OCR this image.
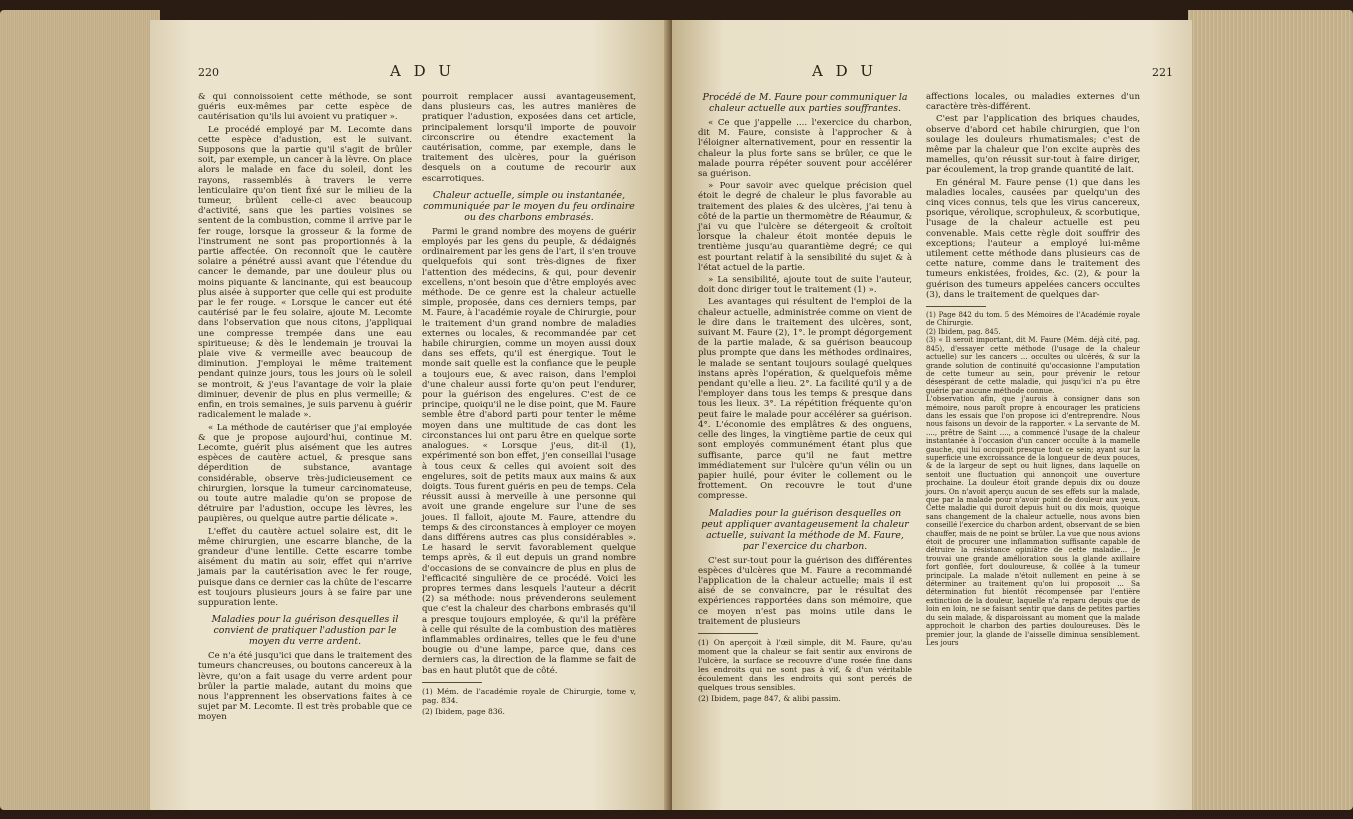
220	A D U

& qui connoissoient cette méthode, se sont guéris eux-mêmes par cette espèce de cautérisation qu'ils lui avoient vu pratiquer ».

Le procédé employé par M. Lecomte dans cette espèce d'adustion, est le suivant. Supposons que la partie qu'il s'agit de brûler soit, par exemple, un cancer à la lèvre. On place alors le malade en face du soleil, dont les rayons, rassemblés à travers le verre lenticulaire qu'on tient fixé sur le milieu de la tumeur, brûlent celle-ci avec beaucoup d'activité, sans que les parties voisines se sentent de la combustion, comme il arrive par le fer rouge, lorsque la grosseur & la forme de l'instrument ne sont pas proportionnés à la partie affectée. On reconnoît que le cautère solaire a pénétré aussi avant que l'étendue du cancer le demande, par une douleur plus ou moins piquante & lancinante, qui est beaucoup plus aisée à supporter que celle qui est produite par le fer rouge. « Lorsque le cancer eut été cautérisé par le feu solaire, ajoute M. Lecomte dans l'observation que nous citons, j'appliquai une compresse trempée dans une eau spiritueuse; & dès le lendemain je trouvai la plaie vive & vermeille avec beaucoup de diminution. J'employai le même traitement pendant quinze jours, tous les jours où le soleil se montroit, & j'eus l'avantage de voir la plaie diminuer, devenir de plus en plus vermeille; & enfin, en trois semaines, je suis parvenu à guérir radicalement le malade ».

« La méthode de cautériser que j'ai employée & que je propose aujourd'hui, continue M. Lecomte, guérit plus aisément que les autres espèces de cautère actuel, & presque sans déperdition de substance, avantage considérable, observe très-judicieusement ce chirurgien, lorsque la tumeur carcinomateuse, ou toute autre maladie qu'on se propose de détruire par l'adustion, occupe les lèvres, les paupières, ou quelque autre partie délicate ».

L'effet du cautère actuel solaire est, dit le même chirurgien, une escarre blanche, de la grandeur d'une lentille. Cette escarre tombe aisément du matin au soir, effet qui n'arrive jamais par la cautérisation avec le fer rouge, puisque dans ce dernier cas la chûte de l'escarre est toujours plusieurs jours à se faire par une suppuration lente.

Maladies pour la guérison desquelles il convient de pratiquer l'adustion par le moyen du verre ardent.

Ce n'a été jusqu'ici que dans le traitement des tumeurs chancreuses, ou boutons cancereux à la lèvre, qu'on a fait usage du verre ardent pour brûler la partie malade, autant du moins que nous l'apprennent les observations faites à ce sujet par M. Lecomte. Il est très probable que ce moyen

pourroit remplacer aussi avantageusement, dans plusieurs cas, les autres manières de pratiquer l'adustion, exposées dans cet article, principalement lorsqu'il importe de pouvoir circonscrire ou étendre exactement la cautérisation, comme, par exemple, dans le traitement des ulcères, pour la guérison desquels on a coutume de recourir aux escarrotiques.

Chaleur actuelle, simple ou instantanée, communiquée par le moyen du feu ordinaire ou des charbons embrasés.

Parmi le grand nombre des moyens de guérir employés par les gens du peuple, & dédaignés ordinairement par les gens de l'art, il s'en trouve quelquefois qui sont très-dignes de fixer l'attention des médecins, & qui, pour devenir excellens, n'ont besoin que d'être employés avec méthode. De ce genre est la chaleur actuelle simple, proposée, dans ces derniers temps, par M. Faure, à l'académie royale de Chirurgie, pour le traitement d'un grand nombre de maladies externes ou locales, & recommandée par cet habile chirurgien, comme un moyen aussi doux dans ses effets, qu'il est énergique. Tout le monde sait quelle est la confiance que le peuple a toujours eue, & avec raison, dans l'emploi d'une chaleur aussi forte qu'on peut l'endurer, pour la guérison des engelures. C'est de ce principe, quoiqu'il ne le dise point, que M. Faure semble être d'abord parti pour tenter le même moyen dans une multitude de cas dont les circonstances lui ont paru être en quelque sorte analogues. « Lorsque j'eus, dit-il (1), expérimenté son bon effet, j'en conseillai l'usage à tous ceux & celles qui avoient soit des engelures, soit de petits maux aux mains & aux doigts. Tous furent guéris en peu de temps. Cela réussit aussi à merveille à une personne qui avoit une grande engelure sur l'une de ses joues. Il falloit, ajoute M. Faure, attendre du temps & des circonstances à employer ce moyen dans différens autres cas plus considérables ». Le hasard le servit favorablement quelque temps après, & il eut depuis un grand nombre d'occasions de se convaincre de plus en plus de l'efficacité singulière de ce procédé. Voici les propres termes dans lesquels l'auteur a décrit (2) sa méthode: nous prévenderons seulement que c'est la chaleur des charbons embrasés qu'il a presque toujours employée, & qu'il la préfère à celle qui résulte de la combustion des matières inflammables ordinaires, telles que le feu d'une bougie ou d'une lampe, parce que, dans ces derniers cas, la direction de la flamme se fait de bas en haut plutôt que de côté.

(1) Mém. de l'académie royale de Chirurgie, tome v, pag. 834.
(2) Ibidem, page 836.
A D U	221
Procédé de M. Faure pour communiquer la chaleur actuelle aux parties souffrantes.

« Ce que j'appelle .... l'exercice du charbon, dit M. Faure, consiste à l'approcher & à l'éloigner alternativement, pour en ressentir la chaleur la plus forte sans se brûler, ce que le malade pourra répéter souvent pour accélérer sa guérison.

» Pour savoir avec quelque précision quel étoit le degré de chaleur le plus favorable au traitement des plaies & des ulcères, j'ai tenu à côté de la partie un thermomètre de Réaumur, & j'ai vu que l'ulcère se détergeoit & croîtoit lorsque la chaleur étoit montée depuis le trentième jusqu'au quarantième degré; ce qui est pourtant relatif à la sensibilité du sujet & à l'état actuel de la partie.

» La sensibilité, ajoute tout de suite l'auteur, doit donc diriger tout le traitement (1) ».

Les avantages qui résultent de l'emploi de la chaleur actuelle, administrée comme on vient de le dire dans le traitement des ulcères, sont, suivant M. Faure (2), 1°. le prompt dégorgement de la partie malade, & sa guérison beaucoup plus prompte que dans les méthodes ordinaires, le malade se sentant toujours soulagé quelques instans après l'opération, & quelquefois même pendant qu'elle a lieu. 2°. La facilité qu'il y a de l'employer dans tous les temps & presque dans tous les lieux. 3°. La répétition fréquente qu'on peut faire le malade pour accélérer sa guérison. 4°. L'économie des emplâtres & des onguens, celle des linges, la vingtième partie de ceux qui sont employés communément étant plus que suffisante, parce qu'il ne faut mettre immédiatement sur l'ulcère qu'un vélin ou un papier huilé, pour éviter le collement ou le frottement. On recouvre le tout d'une compresse.

Maladies pour la guérison desquelles on peut appliquer avantageusement la chaleur actuelle, suivant la méthode de M. Faure, par l'exercice du charbon.

C'est sur-tout pour la guérison des différentes espèces d'ulcères que M. Faure a recommandé l'application de la chaleur actuelle; mais il est aisé de se convaincre, par le résultat des expériences rapportées dans son mémoire, que ce moyen n'est pas moins utile dans le traitement de plusieurs

(1) On aperçoit à l'œil simple, dit M. Faure, qu'au moment que la chaleur se fait sentir aux environs de l'ulcère, la surface se recouvre d'une rosée fine dans les endroits qui ne sont pas à vif, & d'un véritable écoulement dans les endroits qui sont percés de quelques trous sensibles.
(2) Ibidem, page 847, & alibi passim.

affections locales, ou maladies externes d'un caractère très-différent.

C'est par l'application des briques chaudes, observe d'abord cet habile chirurgien, que l'on soulage les douleurs rhumatismales; c'est de même par la chaleur que l'on excite auprès des mamelles, qu'on réussit sur-tout à faire diriger, par écoulement, la trop grande quantité de lait.

En général M. Faure pense (1) que dans les maladies locales, causées par quelqu'un des cinq vices connus, tels que les virus cancereux, psorique, vérolique, scrophuleux, & scorbutique, l'usage de la chaleur actuelle est peu convenable. Mais cette règle doit souffrir des exceptions; l'auteur a employé lui-même utilement cette méthode dans plusieurs cas de cette nature, comme dans le traitement des tumeurs enkistées, froides, &c. (2), & pour la guérison des tumeurs appelées cancers occultes (3), dans le traitement de quelques dar-

(1) Page 842 du tom. 5 des Mémoires de l'Académie royale de Chirurgie.
(2) Ibidem, pag. 845.
(3) « Il seroit important, dit M. Faure (Mém. déjà cité, pag. 845), d'essayer cette méthode (l'usage de la chaleur actuelle) sur les cancers ... occultes ou ulcérés, & sur la grande solution de continuité qu'occasionne l'amputation de cette tumeur au sein, pour prévenir le retour désespérant de cette maladie, qui jusqu'ici n'a pu être guérie par aucune méthode connue.
L'observation afin, que j'aurois à consigner dans son mémoire, nous paroît propre à encourager les praticiens dans les essais que l'on propose ici d'entreprendre. Nous nous faisons un devoir de la rapporter. « La servante de M. ...., prêtre de Saint ...., a commencé l'usage de la chaleur instantanée à l'occasion d'un cancer occulte à la mamelle gauche, qui lui occupoit presque tout ce sein; ayant sur la superficie une excroissance de la longueur de deux pouces, & de la largeur de sept ou huit lignes, dans laquelle on sentoit une fluctuation qui annonçoit une ouverture prochaine. La douleur étoit grande depuis dix ou douze jours. On n'avoit aperçu aucun de ses effets sur la malade, que par la malade pour n'avoir point de douleur aux yeux. Cette maladie qui duroit depuis huit ou dix mois, quoique sans changement de la chaleur actuelle, nous avons bien conseillé l'exercice du charbon ardent, observant de se bien chauffer, mais de ne point se brûler. La vue que nous avions étoit de procurer une inflammation suffisante capable de détruire la résistance opiniâtre de cette maladie... Je trouvai une grande amélioration sous la glande axillaire fort gonflée, fort douloureuse, & collée à la tumeur principale. La malade n'étoit nullement en peine à se déterminer au traitement qu'on lui proposoit ... Sa détermination fut bientôt récompensée par l'entière extinction de la douleur, laquelle n'a reparu depuis que de loin en loin, ne se faisant sentir que dans de petites parties du sein malade, & disparoissant au moment que la malade approchoit le charbon des parties douloureuses. Dès le premier jour, la glande de l'aisselle diminua sensiblement. Les jours
